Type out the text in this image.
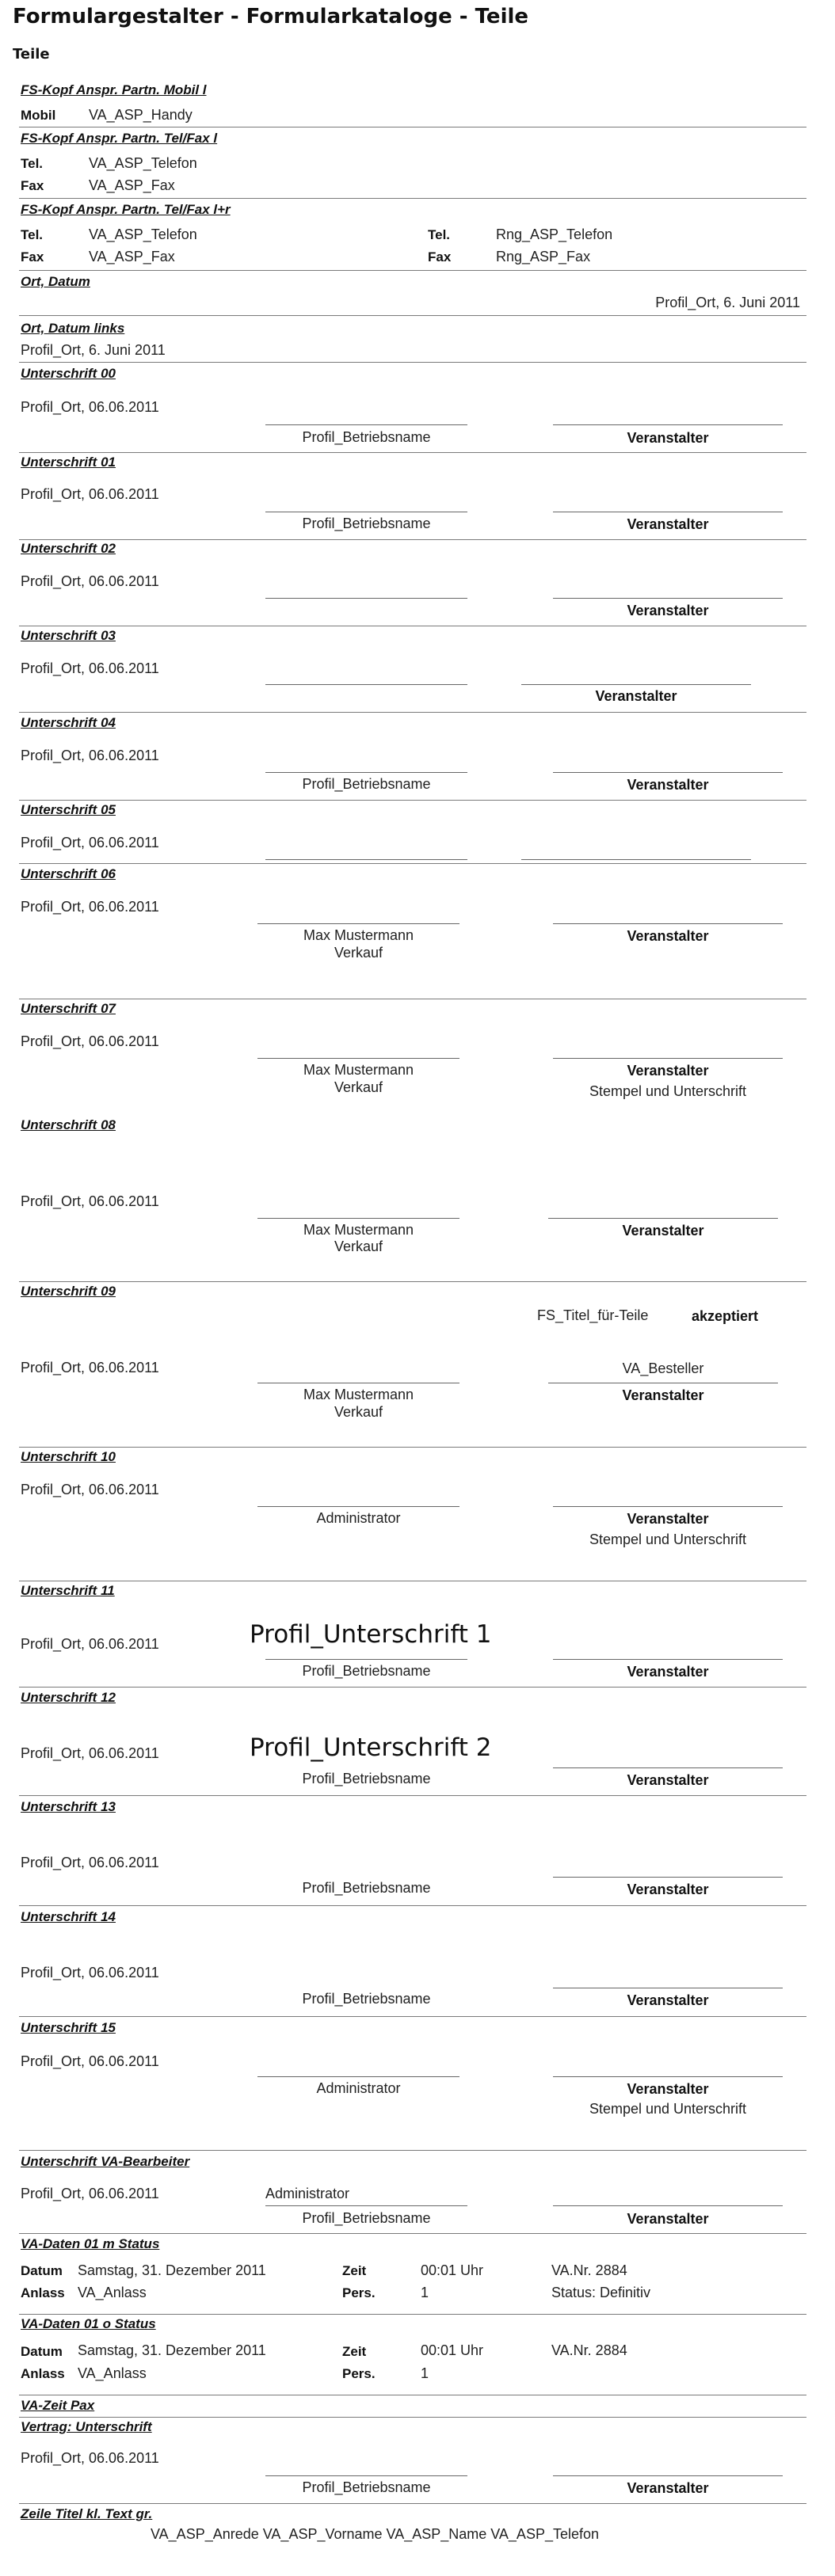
Formulargestalter - Formularkataloge - Teile
Teile
FS-Kopf Anspr. Partn. Mobil l
Mobil VA_ASP_Handy
FS-Kopf Anspr. Partn. Tel/Fax l
Tel.	VA_ASP_Telefon
Fax	VA_ASP_Fax
FS-Kopf Anspr. Partn. Tel/Fax l+r
Tel.	VA_ASP_Telefon	Tel.	Rng_ASP_Telefon
Fax	VA_ASP_Fax	Fax	Rng_ASP_Fax
Ort, Datum
Profil_Ort, 6. Juni 2011
Ort, Datum links
Profil_Ort, 6. Juni 2011
Unterschrift 00
Profil_Ort, 06.06.2011
Profil_Betriebsname	Veranstalter
Unterschrift 01
Profil_Ort, 06.06.2011
Profil_Betriebsname	Veranstalter
Unterschrift 02
Profil_Ort, 06.06.2011
Veranstalter
Unterschrift 03
Profil_Ort, 06.06.2011
Veranstalter
Unterschrift 04
Profil_Ort, 06.06.2011
Profil_Betriebsname	Veranstalter
Unterschrift 05
Profil_Ort, 06.06.2011
Unterschrift 06
Profil_Ort, 06.06.2011
Max Mustermann
Verkauf
Veranstalter
Unterschrift 07
Profil_Ort, 06.06.2011
Max Mustermann
Verkauf
Veranstalter
Stempel und Unterschrift
Unterschrift 08
Profil_Ort, 06.06.2011
Max Mustermann
Verkauf
Veranstalter
Unterschrift 09
FS_Titel_für-Teile	akzeptiert
Profil_Ort, 06.06.2011	VA_Besteller
Max Mustermann
Verkauf
Veranstalter
Unterschrift 10
Profil_Ort, 06.06.2011
Administrator	Veranstalter
Stempel und Unterschrift
Unterschrift 11
Profil_Ort, 06.06.2011	Profil_Unterschrift 1
Profil_Betriebsname	Veranstalter
Unterschrift 12
Profil_Ort, 06.06.2011	Profil_Unterschrift 2
Profil_Betriebsname	Veranstalter
Unterschrift 13
Profil_Ort, 06.06.2011
Profil_Betriebsname	Veranstalter
Unterschrift 14
Profil_Ort, 06.06.2011
Profil_Betriebsname	Veranstalter
Unterschrift 15
Profil_Ort, 06.06.2011
Administrator	Veranstalter
Stempel und Unterschrift
Unterschrift VA-Bearbeiter
Profil_Ort, 06.06.2011	Administrator
Profil_Betriebsname	Veranstalter
VA-Daten 01 m Status
Datum Samstag, 31. Dezember 2011	Zeit	00:01 Uhr	VA.Nr. 2884
Anlass VA_Anlass	Pers.	1	Status: Definitiv
VA-Daten 01 o Status
Datum Samstag, 31. Dezember 2011	Zeit	00:01 Uhr	VA.Nr. 2884
Anlass VA_Anlass	Pers.	1
VA-Zeit Pax
Vertrag: Unterschrift
Profil_Ort, 06.06.2011
Profil_Betriebsname	Veranstalter
Zeile Titel kl. Text gr.
VA_ASP_Anrede VA_ASP_Vorname VA_ASP_Name VA_ASP_Telefon
